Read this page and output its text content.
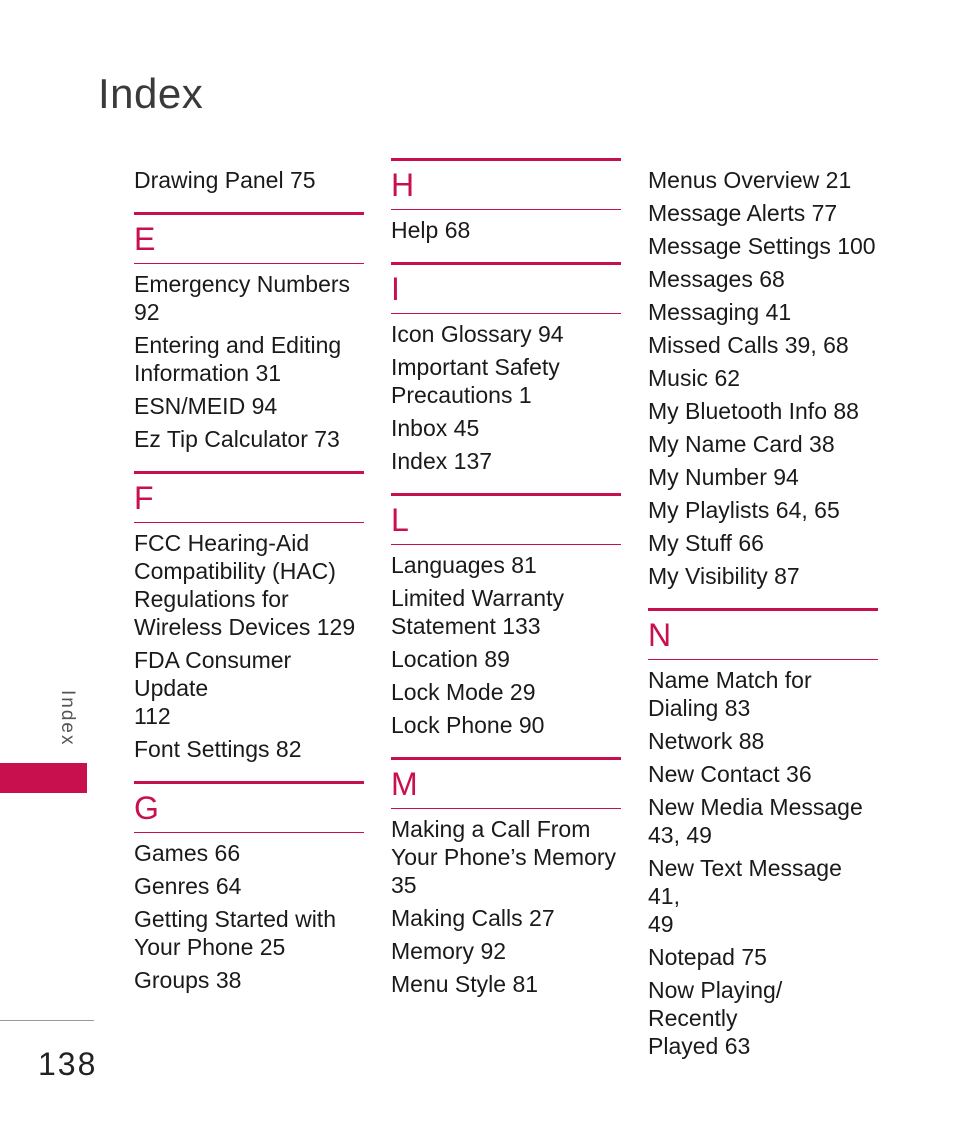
Index
Drawing Panel 75
E
Emergency Numbers
92
Entering and Editing
Information 31
ESN/MEID 94
Ez Tip Calculator 73
F
FCC Hearing-Aid
Compatibility (HAC)
Regulations for
Wireless Devices 129
FDA Consumer Update
112
Font Settings 82
G
Games 66
Genres 64
Getting Started with
Your Phone 25
Groups 38
H
Help 68
I
Icon Glossary 94
Important Safety
Precautions 1
Inbox 45
Index 137
L
Languages 81
Limited Warranty
Statement 133
Location 89
Lock Mode 29
Lock Phone 90
M
Making a Call From
Your Phone’s Memory
35
Making Calls 27
Memory 92
Menu Style 81
Menus Overview 21
Message Alerts 77
Message Settings 100
Messages 68
Messaging 41
Missed Calls 39, 68
Music 62
My Bluetooth Info 88
My Name Card 38
My Number 94
My Playlists 64, 65
My Stuff 66
My Visibility 87
N
Name Match for
Dialing 83
Network 88
New Contact 36
New Media Message
43, 49
New Text Message 41,
49
Notepad 75
Now Playing/ Recently
Played 63
Index
138
